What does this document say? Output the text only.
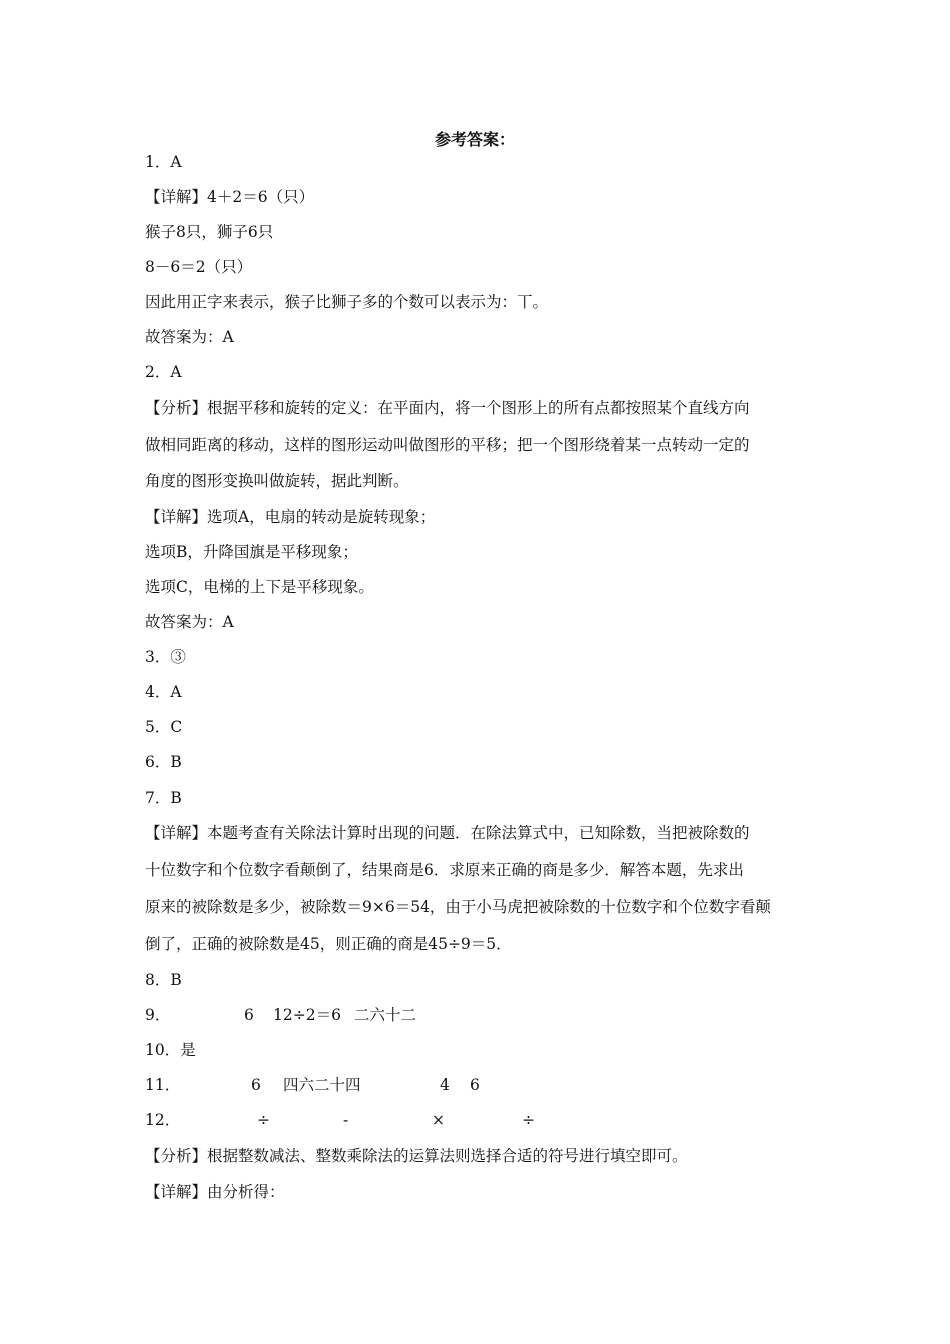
参考答案：
1．A
【详解】4＋2＝6（只）
猴子8只，狮子6只
8－6＝2（只）
因此用正字来表示，猴子比狮子多的个数可以表示为：丅。
故答案为：A
2．A
【分析】根据平移和旋转的定义：在平面内，将一个图形上的所有点都按照某个直线方向
做相同距离的移动，这样的图形运动叫做图形的平移；把一个图形绕着某一点转动一定的
角度的图形变换叫做旋转，据此判断。
【详解】选项A，电扇的转动是旋转现象；
选项B，升降国旗是平移现象；
选项C，电梯的上下是平移现象。
故答案为：A
3．③
4．A
5．C
6．B
7．B
【详解】本题考查有关除法计算时出现的问题．在除法算式中，已知除数，当把被除数的
十位数字和个位数字看颠倒了，结果商是6．求原来正确的商是多少．解答本题，先求出
原来的被除数是多少，被除数＝9×6＝54，由于小马虎把被除数的十位数字和个位数字看颠
倒了，正确的被除数是45，则正确的商是45÷9＝5．
8．B
9．	6 12÷2＝6 二六十二
10．是
11．	6 四六二十四	4 6
12．	÷	-	×	÷
【分析】根据整数减法、整数乘除法的运算法则选择合适的符号进行填空即可。
【详解】由分析得：
